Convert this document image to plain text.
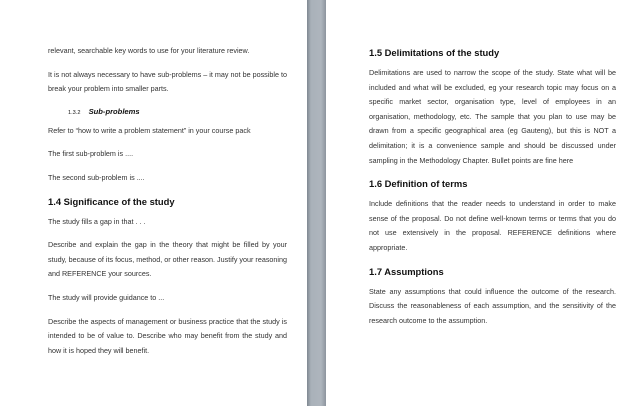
relevant, searchable key words to use for your literature review.

It is not always necessary to have sub-problems – it may not be possible to break your problem into smaller parts.

1.3.2 Sub-problems

Refer to “how to write a problem statement” in your course pack

The first sub-problem is ....

The second sub-problem is ....

1.4 Significance of the study

The study fills a gap in that . . .

Describe and explain the gap in the theory that might be filled by your study, because of its focus, method, or other reason. Justify your reasoning and REFERENCE your sources.

The study will provide guidance to ...

Describe the aspects of management or business practice that the study is intended to be of value to. Describe who may benefit from the study and how it is hoped they will benefit.

1.5 Delimitations of the study

Delimitations are used to narrow the scope of the study. State what will be included and what will be excluded, eg your research topic may focus on a specific market sector, organisation type, level of employees in an organisation, methodology, etc. The sample that you plan to use may be drawn from a specific geographical area (eg Gauteng), but this is NOT a delimitation; it is a convenience sample and should be discussed under sampling in the Methodology Chapter. Bullet points are fine here

1.6 Definition of terms

Include definitions that the reader needs to understand in order to make sense of the proposal. Do not define well-known terms or terms that you do not use extensively in the proposal. REFERENCE definitions where appropriate.

1.7 Assumptions

State any assumptions that could influence the outcome of the research. Discuss the reasonableness of each assumption, and the sensitivity of the research outcome to the assumption.
